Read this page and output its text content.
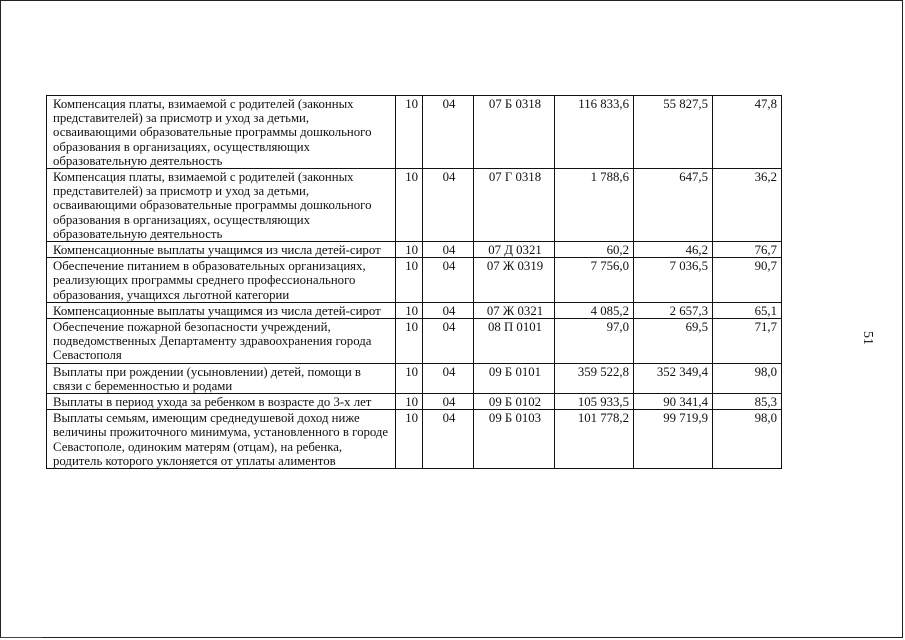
Компенсация платы, взимаемой с родителей (законных представителей) за присмотр и уход за детьми, осваивающими образовательные программы дошкольного образования в организациях, осуществляющих образовательную деятельность	10	04	07 Б 0318	116 833,6	55 827,5	47,8
Компенсация платы, взимаемой с родителей (законных представителей) за присмотр и уход за детьми, осваивающими образовательные программы дошкольного образования в организациях, осуществляющих образовательную деятельность	10	04	07 Г 0318	1 788,6	647,5	36,2
Компенсационные выплаты учащимся из числа детей-сирот	10	04	07 Д 0321	60,2	46,2	76,7
Обеспечение питанием в образовательных организациях, реализующих программы среднего профессионального образования, учащихся льготной категории	10	04	07 Ж 0319	7 756,0	7 036,5	90,7
Компенсационные выплаты учащимся из числа детей-сирот	10	04	07 Ж 0321	4 085,2	2 657,3	65,1
Обеспечение пожарной безопасности учреждений, подведомственных Департаменту здравоохранения города Севастополя	10	04	08 П 0101	97,0	69,5	71,7
Выплаты при рождении (усыновлении) детей, помощи в связи с беременностью и родами	10	04	09 Б 0101	359 522,8	352 349,4	98,0
Выплаты в период ухода за ребенком в возрасте до 3-х лет	10	04	09 Б 0102	105 933,5	90 341,4	85,3
Выплаты семьям, имеющим среднедушевой доход ниже величины прожиточного минимума, установленного в городе Севастополе, одиноким матерям (отцам), на ребенка, родитель которого уклоняется от уплаты алиментов	10	04	09 Б 0103	101 778,2	99 719,9	98,0
51
